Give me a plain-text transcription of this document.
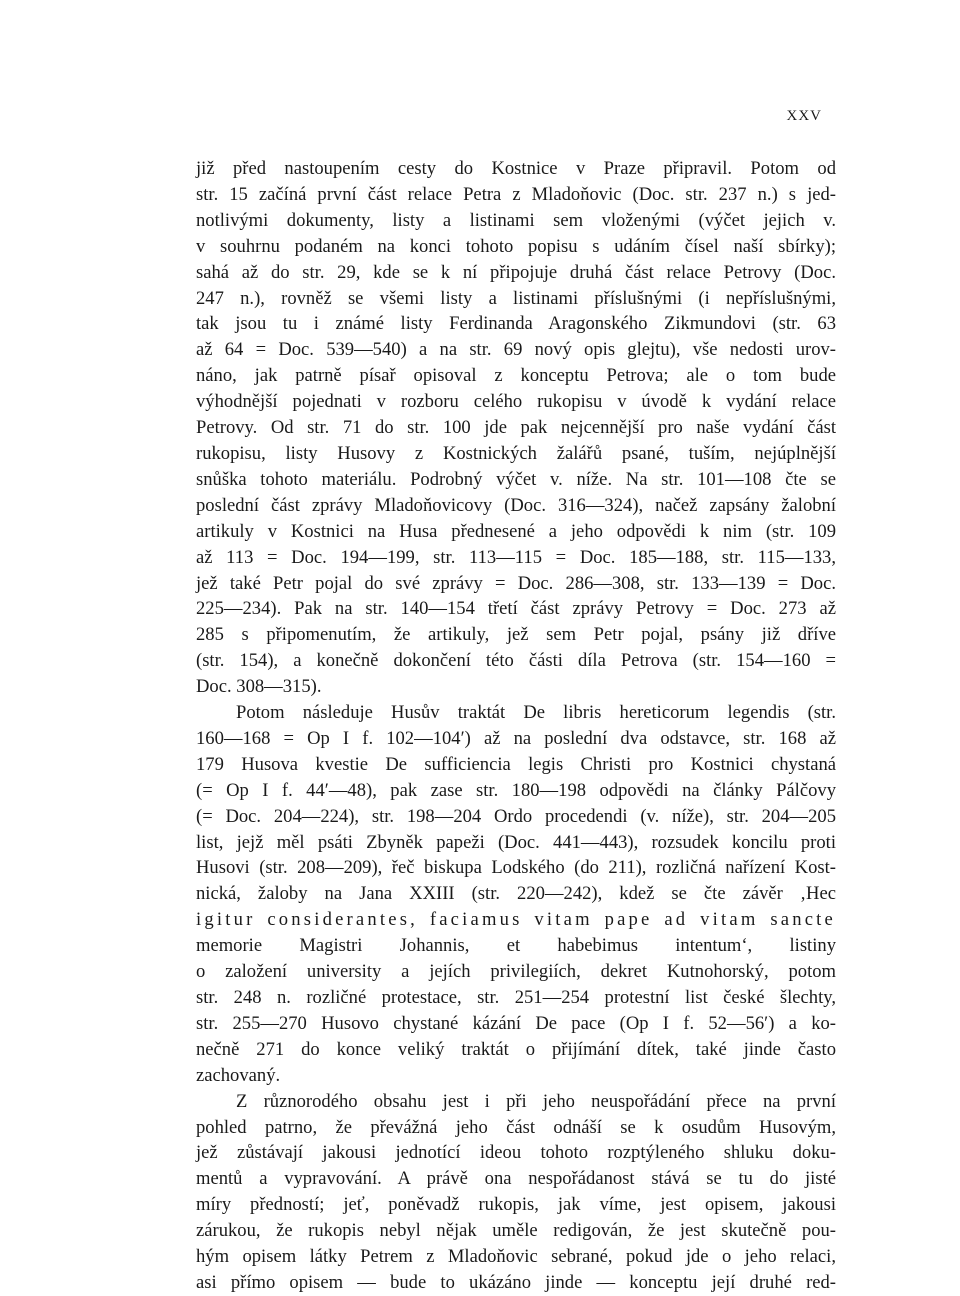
XXV

již před nastoupením cesty do Kostnice v Praze připravil. Potom od
str. 15 začíná první část relace Petra z Mladoňovic (Doc. str. 237 n.) s jed-
notlivými dokumenty, listy a listinami sem vloženými (výčet jejich v.
v souhrnu podaném na konci tohoto popisu s udáním čísel naší sbírky);
sahá až do str. 29, kde se k ní připojuje druhá část relace Petrovy (Doc.
247 n.), rovněž se všemi listy a listinami příslušnými (i nepříslušnými,
tak jsou tu i známé listy Ferdinanda Aragonského Zikmundovi (str. 63
až 64 = Doc. 539—540) a na str. 69 nový opis glejtu), vše nedosti urov-
náno, jak patrně písař opisoval z konceptu Petrova; ale o tom bude
výhodnější pojednati v rozboru celého rukopisu v úvodě k vydání relace
Petrovy. Od str. 71 do str. 100 jde pak nejcennější pro naše vydání část
rukopisu, listy Husovy z Kostnických žalářů psané, tuším, nejúplnější
snůška tohoto materiálu. Podrobný výčet v. níže. Na str. 101—108 čte se
poslední část zprávy Mladoňovicovy (Doc. 316—324), načež zapsány žalobní
artikuly v Kostnici na Husa přednesené a jeho odpovědi k nim (str. 109
až 113 = Doc. 194—199, str. 113—115 = Doc. 185—188, str. 115—133,
jež také Petr pojal do své zprávy = Doc. 286—308, str. 133—139 = Doc.
225—234). Pak na str. 140—154 třetí část zprávy Petrovy = Doc. 273 až
285 s připomenutím, že artikuly, jež sem Petr pojal, psány již dříve
(str. 154), a konečně dokončení této části díla Petrova (str. 154—160 =
Doc. 308—315).

Potom následuje Husův traktát De libris hereticorum legendis (str.
160—168 = Op I f. 102—104′) až na poslední dva odstavce, str. 168 až
179 Husova kvestie De sufficiencia legis Christi pro Kostnici chystaná
(= Op I f. 44′—48), pak zase str. 180—198 odpovědi na články Pálčovy
(= Doc. 204—224), str. 198—204 Ordo procedendi (v. níže), str. 204—205
list, jejž měl psáti Zbyněk papeži (Doc. 441—443), rozsudek koncilu proti
Husovi (str. 208—209), řeč biskupa Lodského (do 211), rozličná nařízení Kost-
nická, žaloby na Jana XXIII (str. 220—242), kdež se čte závěr ‚Hec
igitur considerantes, faciamus vitam pape ad vitam sancte
memorie Magistri Johannis, et habebimus intentum‘, listiny
o založení university a jejích privilegiích, dekret Kutnohorský, potom
str. 248 n. rozličné protestace, str. 251—254 protestní list české šlechty,
str. 255—270 Husovo chystané kázání De pace (Op I f. 52—56′) a ko-
nečně 271 do konce veliký traktát o přijímání dítek, také jinde často
zachovaný.

Z různorodého obsahu jest i při jeho neuspořádání přece na první
pohled patrno, že převážná jeho část odnáší se k osudům Husovým,
jež zůstávají jakousi jednotící ideou tohoto rozptýleného shluku doku-
mentů a vypravování. A právě ona nespořádanost stává se tu do jisté
míry předností; jeť, poněvadž rukopis, jak víme, jest opisem, jakousi
zárukou, že rukopis nebyl nějak uměle redigován, že jest skutečně pou-
hým opisem látky Petrem z Mladoňovic sebrané, pokud jde o jeho relaci,
asi přímo opisem — bude to ukázáno jinde — konceptu její druhé red-
